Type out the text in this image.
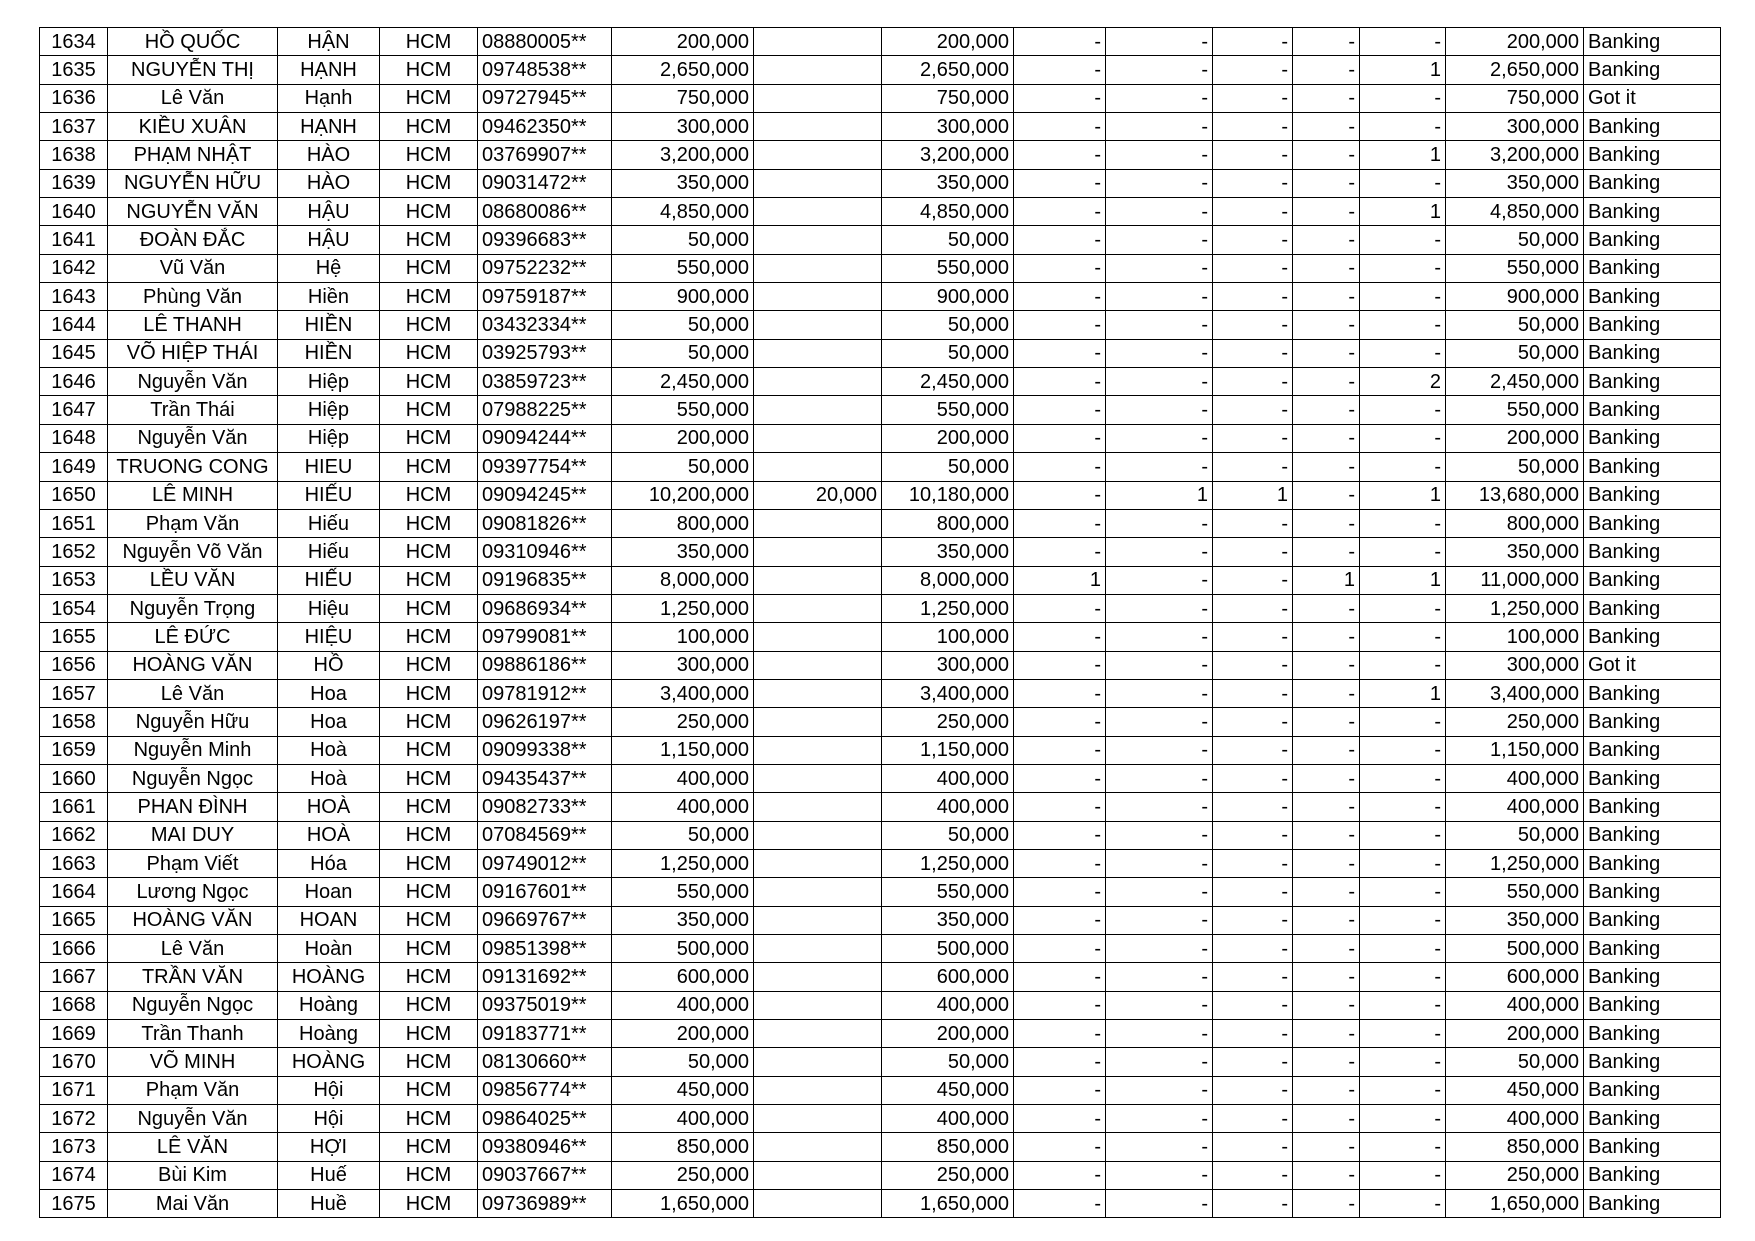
1634	HỒ QUỐC	HẬN	HCM	08880005**	200,000		200,000	-	-	-	-	-	200,000	Banking
1635	NGUYỄN THỊ	HẠNH	HCM	09748538**	2,650,000		2,650,000	-	-	-	-	1	2,650,000	Banking
1636	Lê Văn	Hạnh	HCM	09727945**	750,000		750,000	-	-	-	-	-	750,000	Got it
1637	KIỀU XUÂN	HẠNH	HCM	09462350**	300,000		300,000	-	-	-	-	-	300,000	Banking
1638	PHẠM NHẬT	HÀO	HCM	03769907**	3,200,000		3,200,000	-	-	-	-	1	3,200,000	Banking
1639	NGUYỄN HỮU	HÀO	HCM	09031472**	350,000		350,000	-	-	-	-	-	350,000	Banking
1640	NGUYỄN VĂN	HẬU	HCM	08680086**	4,850,000		4,850,000	-	-	-	-	1	4,850,000	Banking
1641	ĐOÀN ĐẮC	HẬU	HCM	09396683**	50,000		50,000	-	-	-	-	-	50,000	Banking
1642	Vũ Văn	Hệ	HCM	09752232**	550,000		550,000	-	-	-	-	-	550,000	Banking
1643	Phùng Văn	Hiền	HCM	09759187**	900,000		900,000	-	-	-	-	-	900,000	Banking
1644	LÊ THANH	HIỀN	HCM	03432334**	50,000		50,000	-	-	-	-	-	50,000	Banking
1645	VÕ HIỆP THÁI	HIỀN	HCM	03925793**	50,000		50,000	-	-	-	-	-	50,000	Banking
1646	Nguyễn Văn	Hiệp	HCM	03859723**	2,450,000		2,450,000	-	-	-	-	2	2,450,000	Banking
1647	Trần Thái	Hiệp	HCM	07988225**	550,000		550,000	-	-	-	-	-	550,000	Banking
1648	Nguyễn Văn	Hiệp	HCM	09094244**	200,000		200,000	-	-	-	-	-	200,000	Banking
1649	TRUONG CONG	HIEU	HCM	09397754**	50,000		50,000	-	-	-	-	-	50,000	Banking
1650	LÊ MINH	HIẾU	HCM	09094245**	10,200,000	20,000	10,180,000	-	1	1	-	1	13,680,000	Banking
1651	Phạm Văn	Hiếu	HCM	09081826**	800,000		800,000	-	-	-	-	-	800,000	Banking
1652	Nguyễn Võ Văn	Hiếu	HCM	09310946**	350,000		350,000	-	-	-	-	-	350,000	Banking
1653	LỀU VĂN	HIẾU	HCM	09196835**	8,000,000		8,000,000	1	-	-	1	1	11,000,000	Banking
1654	Nguyễn Trọng	Hiệu	HCM	09686934**	1,250,000		1,250,000	-	-	-	-	-	1,250,000	Banking
1655	LÊ ĐỨC	HIỆU	HCM	09799081**	100,000		100,000	-	-	-	-	-	100,000	Banking
1656	HOÀNG VĂN	HỒ	HCM	09886186**	300,000		300,000	-	-	-	-	-	300,000	Got it
1657	Lê Văn	Hoa	HCM	09781912**	3,400,000		3,400,000	-	-	-	-	1	3,400,000	Banking
1658	Nguyễn Hữu	Hoa	HCM	09626197**	250,000		250,000	-	-	-	-	-	250,000	Banking
1659	Nguyễn Minh	Hoà	HCM	09099338**	1,150,000		1,150,000	-	-	-	-	-	1,150,000	Banking
1660	Nguyễn Ngọc	Hoà	HCM	09435437**	400,000		400,000	-	-	-	-	-	400,000	Banking
1661	PHAN ĐÌNH	HOÀ	HCM	09082733**	400,000		400,000	-	-	-	-	-	400,000	Banking
1662	MAI DUY	HOÀ	HCM	07084569**	50,000		50,000	-	-	-	-	-	50,000	Banking
1663	Phạm Viết	Hóa	HCM	09749012**	1,250,000		1,250,000	-	-	-	-	-	1,250,000	Banking
1664	Lương Ngọc	Hoan	HCM	09167601**	550,000		550,000	-	-	-	-	-	550,000	Banking
1665	HOÀNG VĂN	HOAN	HCM	09669767**	350,000		350,000	-	-	-	-	-	350,000	Banking
1666	Lê Văn	Hoàn	HCM	09851398**	500,000		500,000	-	-	-	-	-	500,000	Banking
1667	TRẦN VĂN	HOÀNG	HCM	09131692**	600,000		600,000	-	-	-	-	-	600,000	Banking
1668	Nguyễn Ngọc	Hoàng	HCM	09375019**	400,000		400,000	-	-	-	-	-	400,000	Banking
1669	Trần Thanh	Hoàng	HCM	09183771**	200,000		200,000	-	-	-	-	-	200,000	Banking
1670	VÕ MINH	HOÀNG	HCM	08130660**	50,000		50,000	-	-	-	-	-	50,000	Banking
1671	Phạm Văn	Hội	HCM	09856774**	450,000		450,000	-	-	-	-	-	450,000	Banking
1672	Nguyễn Văn	Hội	HCM	09864025**	400,000		400,000	-	-	-	-	-	400,000	Banking
1673	LÊ VĂN	HỢI	HCM	09380946**	850,000		850,000	-	-	-	-	-	850,000	Banking
1674	Bùi Kim	Huế	HCM	09037667**	250,000		250,000	-	-	-	-	-	250,000	Banking
1675	Mai Văn	Huề	HCM	09736989**	1,650,000		1,650,000	-	-	-	-	-	1,650,000	Banking
